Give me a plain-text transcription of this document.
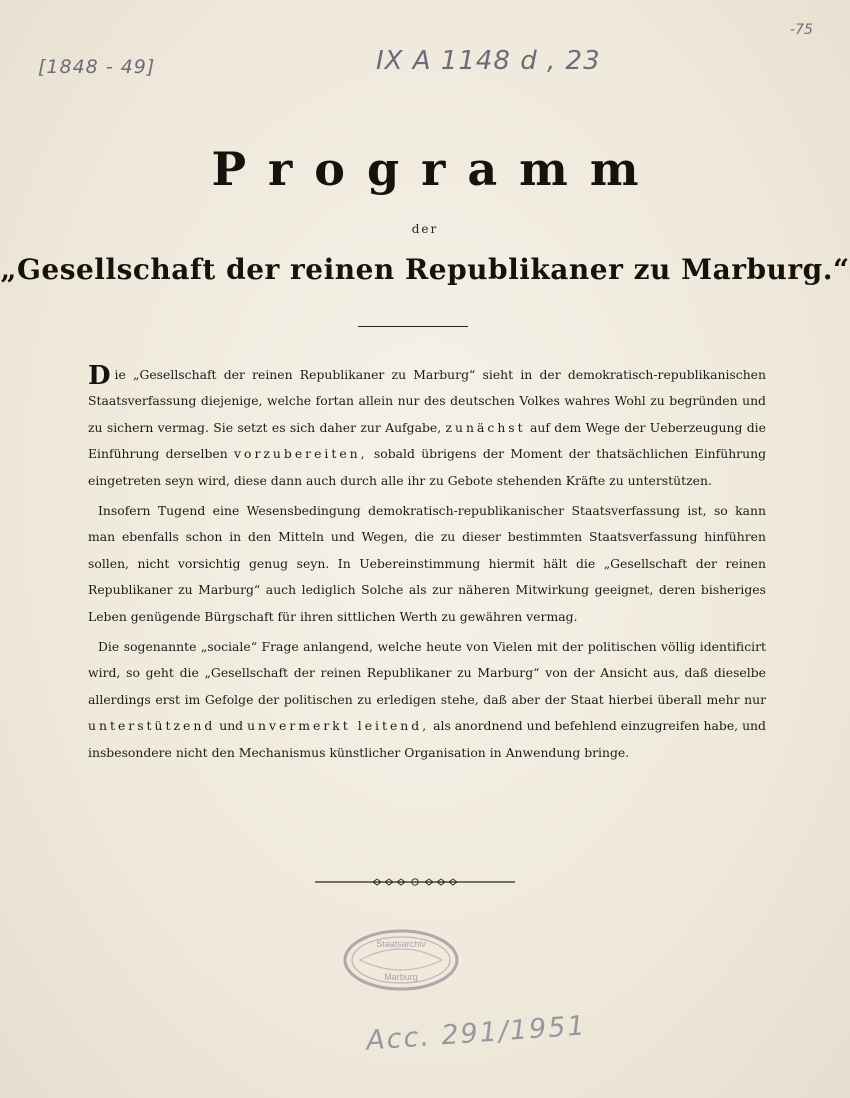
[ 1848 - 49 ]	IX A 1148 d , 23
-75
Programm
der
„Gesellschaft der reinen Republikaner zu Marburg.“

Die „Gesellschaft der reinen Republikaner zu Marburg“ sieht in der demokratisch-republikanischen Staatsverfassung diejenige, welche fortan allein nur des deutschen Volkes wahres Wohl zu begründen und zu sichern vermag. Sie setzt es sich daher zur Aufgabe, zunächst auf dem Wege der Ueberzeugung die Einführung derselben vorzubereiten, sobald übrigens der Moment der thatsächlichen Einführung eingetreten seyn wird, diese dann auch durch alle ihr zu Gebote stehenden Kräfte zu unterstützen.

Insofern Tugend eine Wesensbedingung demokratisch-republikanischer Staatsverfassung ist, so kann man ebenfalls schon in den Mitteln und Wegen, die zu dieser bestimmten Staatsverfassung hinführen sollen, nicht vorsichtig genug seyn. In Uebereinstimmung hiermit hält die „Gesellschaft der reinen Republikaner zu Marburg“ auch lediglich Solche als zur näheren Mitwirkung geeignet, deren bisheriges Leben genügende Bürgschaft für ihren sittlichen Werth zu gewähren vermag.

Die sogenannte „sociale“ Frage anlangend, welche heute von Vielen mit der politischen völlig identificirt wird, so geht die „Gesellschaft der reinen Republikaner zu Marburg“ von der Ansicht aus, daß dieselbe allerdings erst im Gefolge der politischen zu erledigen stehe, daß aber der Staat hierbei überall mehr nur unterstützend und unvermerkt leitend, als anordnend und befehlend einzugreifen habe, und insbesondere nicht den Mechanismus künstlicher Organisation in Anwendung bringe.

Staatsarchiv
Marburg
Acc. 291/1951
